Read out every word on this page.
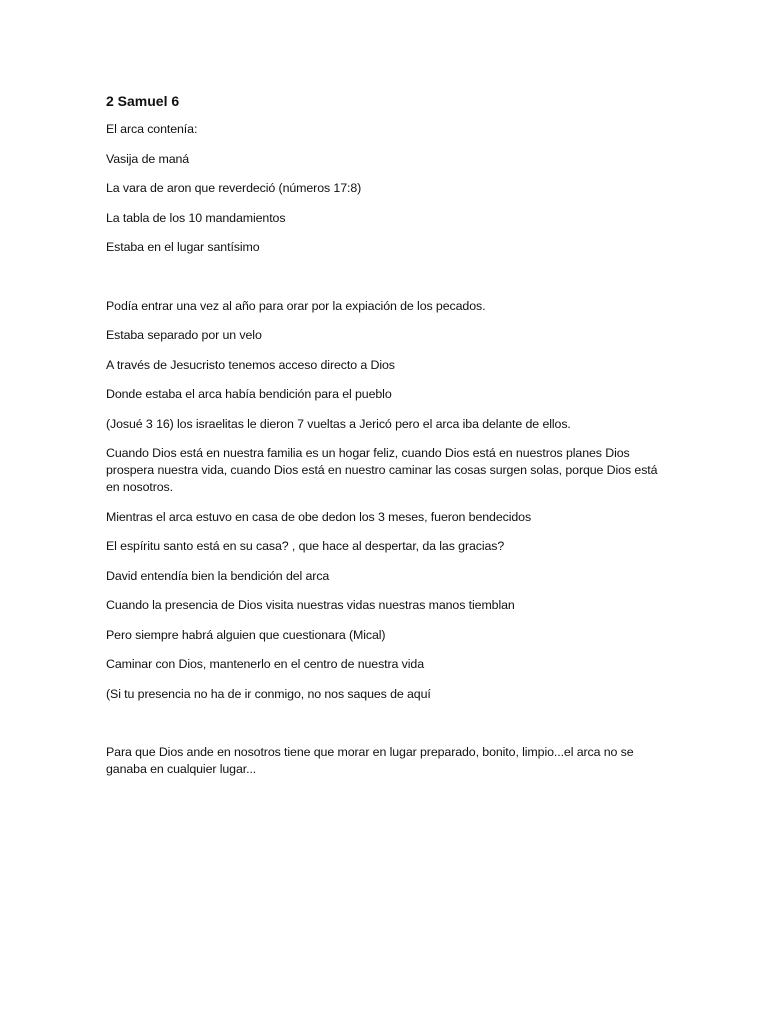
2 Samuel 6

El arca contenía:

Vasija de maná

La vara de aron que reverdeció (números 17:8)

La tabla de los 10 mandamientos

Estaba en el lugar santísimo

Podía entrar una vez al año para orar por la expiación de los pecados.

Estaba separado por un velo

A través de Jesucristo tenemos acceso directo a Dios

Donde estaba el arca había bendición para el pueblo

(Josué 3 16) los israelitas le dieron 7 vueltas a Jericó pero el arca iba delante de ellos.

Cuando Dios está en nuestra familia es un hogar feliz, cuando Dios está en nuestros planes Dios prospera nuestra vida, cuando Dios está en nuestro caminar las cosas surgen solas, porque Dios está en nosotros.

Mientras el arca estuvo en casa de obe dedon los 3 meses, fueron bendecidos

El espíritu santo está en su casa? , que hace al despertar, da las gracias?

David entendía bien la bendición del arca

Cuando la presencia de Dios visita nuestras vidas nuestras manos tiemblan

Pero siempre habrá alguien que cuestionara (Mical)

Caminar con Dios, mantenerlo en el centro de nuestra vida

(Si tu presencia no ha de ir conmigo, no nos saques de aquí

Para que Dios ande en nosotros tiene que morar en lugar preparado, bonito, limpio...el arca no se ganaba en cualquier lugar...
